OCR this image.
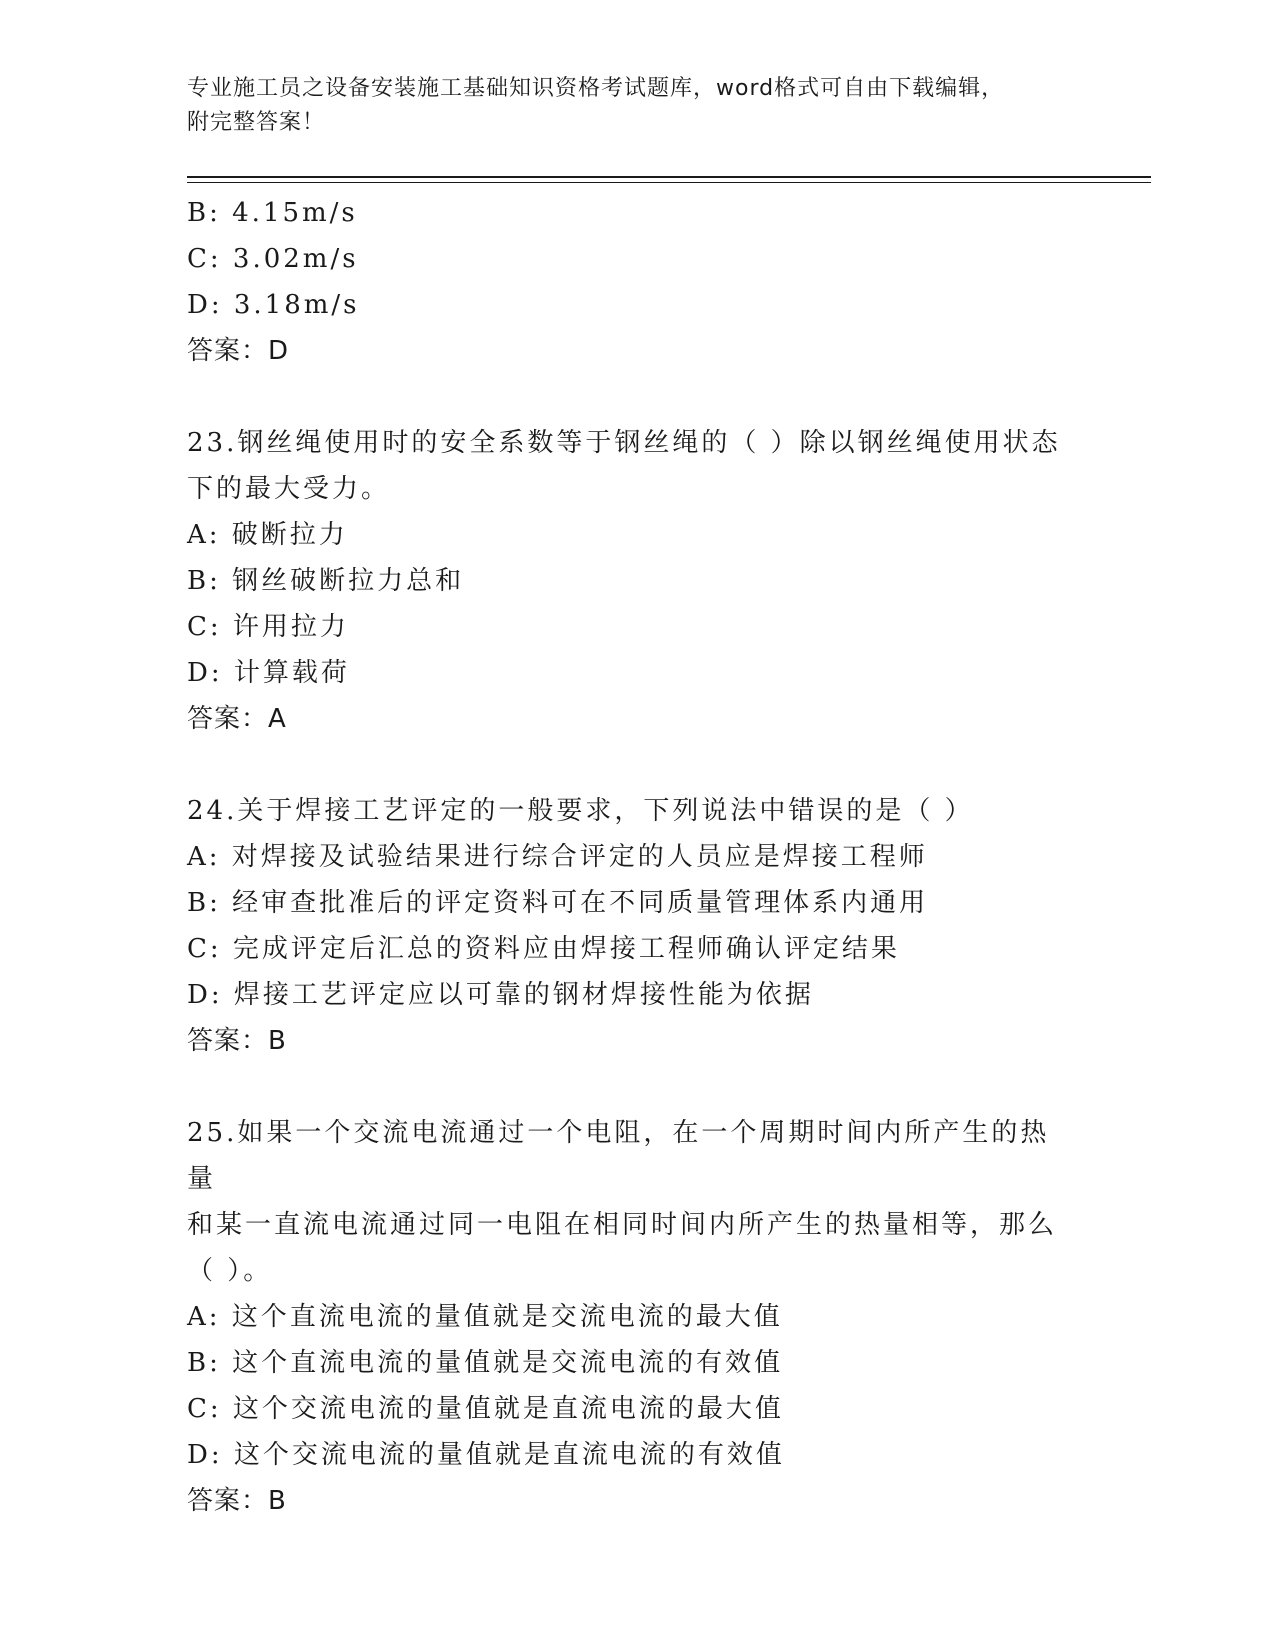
专业施工员之设备安装施工基础知识资格考试题库，word格式可自由下载编辑，
附完整答案！
B: 4.15m/s
C: 3.02m/s
D: 3.18m/s
答案：D
23.钢丝绳使用时的安全系数等于钢丝绳的（ ）除以钢丝绳使用状态
下的最大受力。
A: 破断拉力
B: 钢丝破断拉力总和
C: 许用拉力
D: 计算载荷
答案：A
24.关于焊接工艺评定的一般要求，下列说法中错误的是（ ）
A: 对焊接及试验结果进行综合评定的人员应是焊接工程师
B: 经审查批准后的评定资料可在不同质量管理体系内通用
C: 完成评定后汇总的资料应由焊接工程师确认评定结果
D: 焊接工艺评定应以可靠的钢材焊接性能为依据
答案：B
25.如果一个交流电流通过一个电阻，在一个周期时间内所产生的热量
和某一直流电流通过同一电阻在相同时间内所产生的热量相等，那么
（ ）。
A: 这个直流电流的量值就是交流电流的最大值
B: 这个直流电流的量值就是交流电流的有效值
C: 这个交流电流的量值就是直流电流的最大值
D: 这个交流电流的量值就是直流电流的有效值
答案：B
